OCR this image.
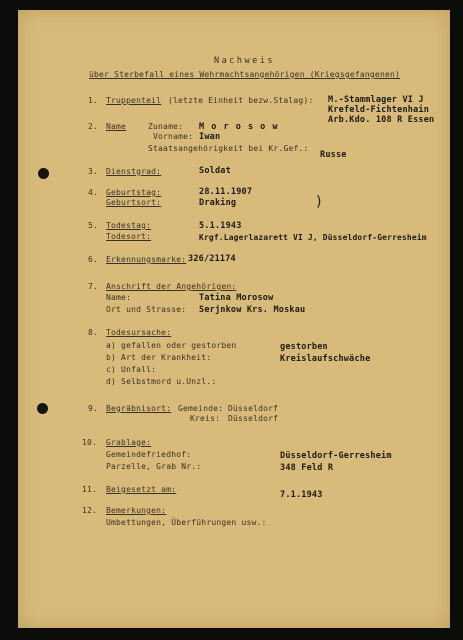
Nachweis
über Sterbefall eines Wehrmachtsangehörigen (Kriegsgefangenen)
1. Truppenteil (letzte Einheit bezw.Stalag): M.-Stammlager VI J
Krefeld-Fichtenhain
Arb.Kdo. 108 R Essen
2. Name	Zuname: M o r o s o w
Vorname: Iwan
Staatsangehörigkeit bei Kr.Gef.:
Russe
3. Dienstgrad:	Soldat
4. Geburtstag:	28.11.1907
Geburtsort:	Draking	)
5. Todestag:	5.1.1943
Todesort:	Krgf.Lagerlazarett VI J, Düsseldorf-Gerresheim
6. Erkennungsmarke: 326/21174
7. Anschrift der Angehörigen:
Name:	Tatina Morosow
Ort und Strasse: Serjnkow Krs. Moskau
8. Todesursache:
a) gefallen oder gestorben	gestorben
b) Art der Krankheit:	Kreislaufschwäche
c) Unfall:
d) Selbstmord u.Unzl.:
9. Begräbnisort: Gemeinde: Düsseldorf
Kreis: Düsseldorf
10. Grablage:
Gemeindefriedhof:	Düsseldorf-Gerresheim
Parzelle, Grab Nr.:	348 Feld R
11. Beigesetzt am:
7.1.1943
12. Bemerkungen:
Umbettungen, Überführungen usw.:
